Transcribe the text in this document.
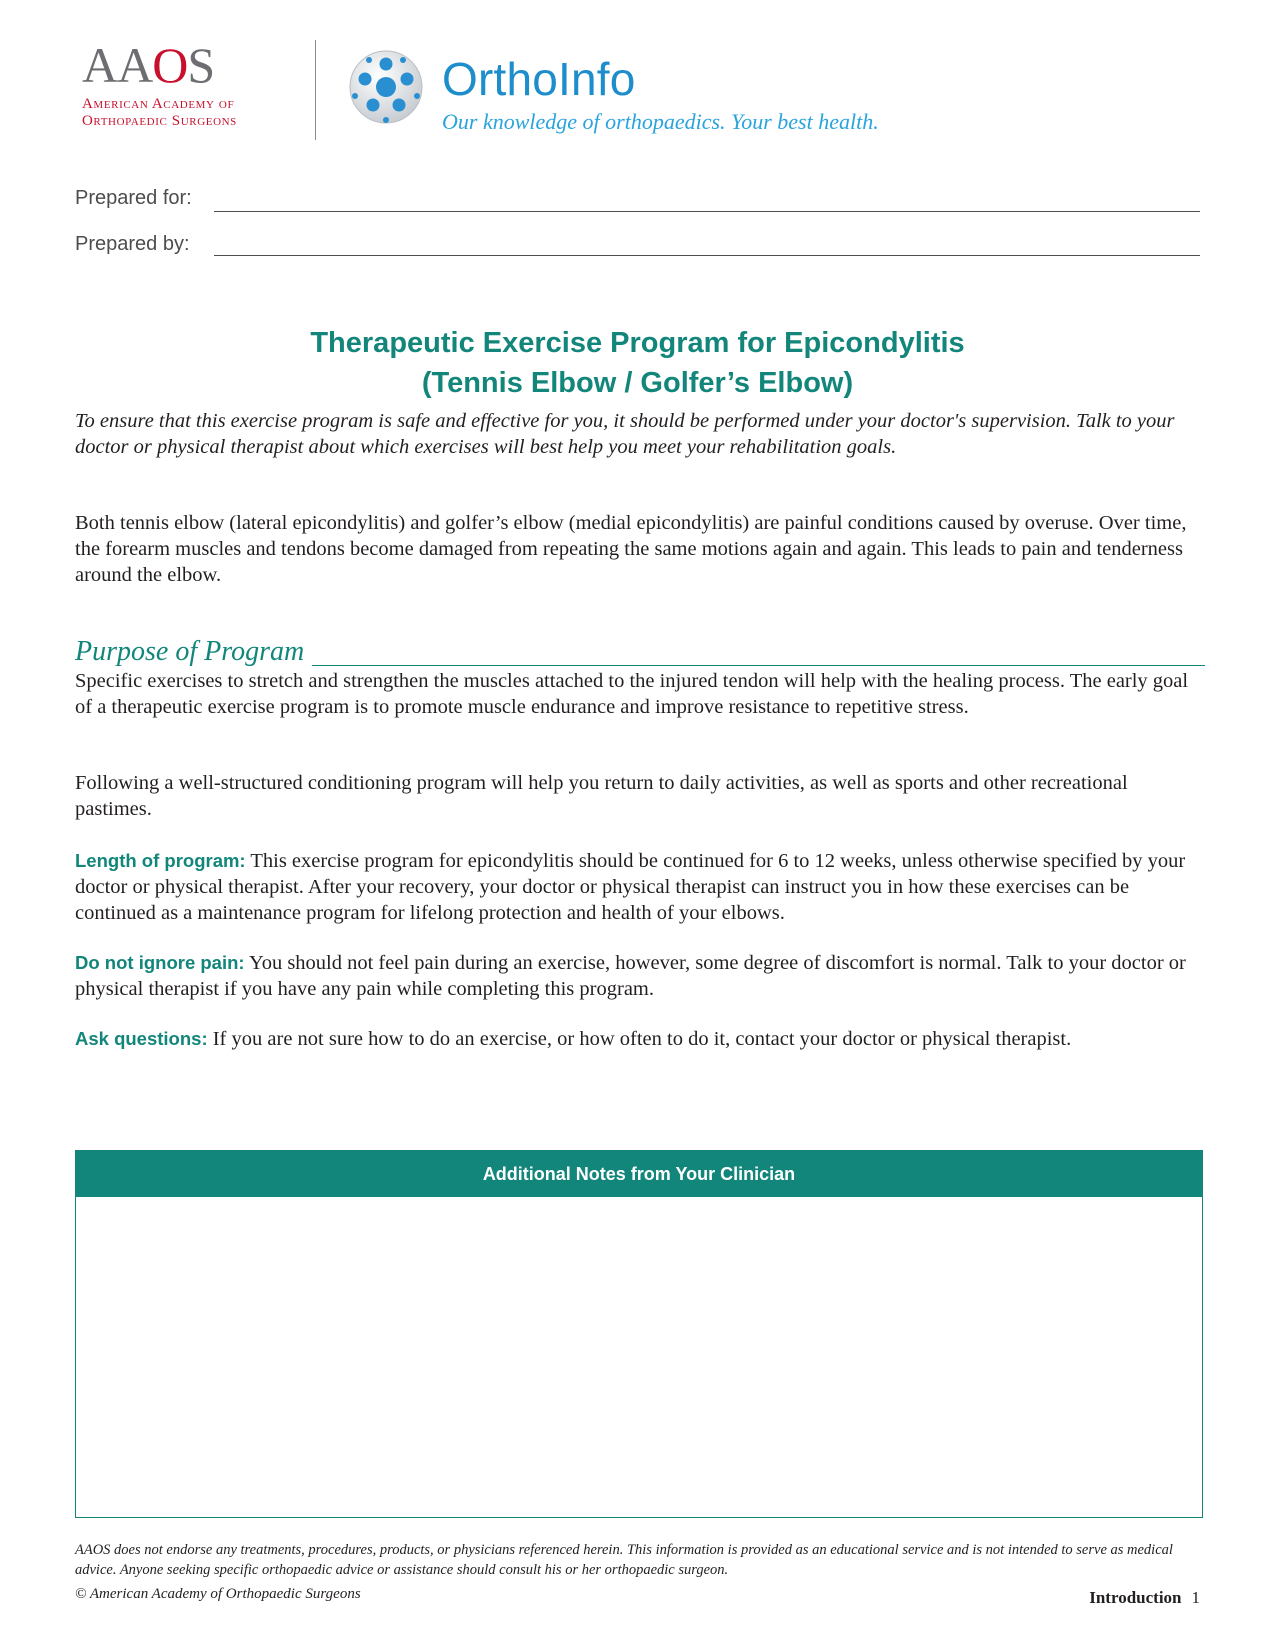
AAOS
American Academy of
Orthopaedic Surgeons
OrthoInfo
Our knowledge of orthopaedics. Your best health.
Prepared for:
Prepared by:
Therapeutic Exercise Program for Epicondylitis
(Tennis Elbow / Golfer’s Elbow)
To ensure that this exercise program is safe and effective for you, it should be performed under your doctor's supervision. Talk to your doctor or physical therapist about which exercises will best help you meet your rehabilitation goals.
Both tennis elbow (lateral epicondylitis) and golfer’s elbow (medial epicondylitis) are painful conditions caused by overuse. Over time, the forearm muscles and tendons become damaged from repeating the same motions again and again. This leads to pain and tenderness around the elbow.
Purpose of Program
Specific exercises to stretch and strengthen the muscles attached to the injured tendon will help with the healing process. The early goal of a therapeutic exercise program is to promote muscle endurance and improve resistance to repetitive stress.
Following a well-structured conditioning program will help you return to daily activities, as well as sports and other recreational pastimes.
Length of program: This exercise program for epicondylitis should be continued for 6 to 12 weeks, unless otherwise specified by your doctor or physical therapist. After your recovery, your doctor or physical therapist can instruct you in how these exercises can be continued as a maintenance program for lifelong protection and health of your elbows.
Do not ignore pain: You should not feel pain during an exercise, however, some degree of discomfort is normal. Talk to your doctor or physical therapist if you have any pain while completing this program.
Ask questions: If you are not sure how to do an exercise, or how often to do it, contact your doctor or physical therapist.
Additional Notes from Your Clinician
AAOS does not endorse any treatments, procedures, products, or physicians referenced herein. This information is provided as an educational service and is not intended to serve as medical advice. Anyone seeking specific orthopaedic advice or assistance should consult his or her orthopaedic surgeon.
© American Academy of Orthopaedic Surgeons	Introduction 1
